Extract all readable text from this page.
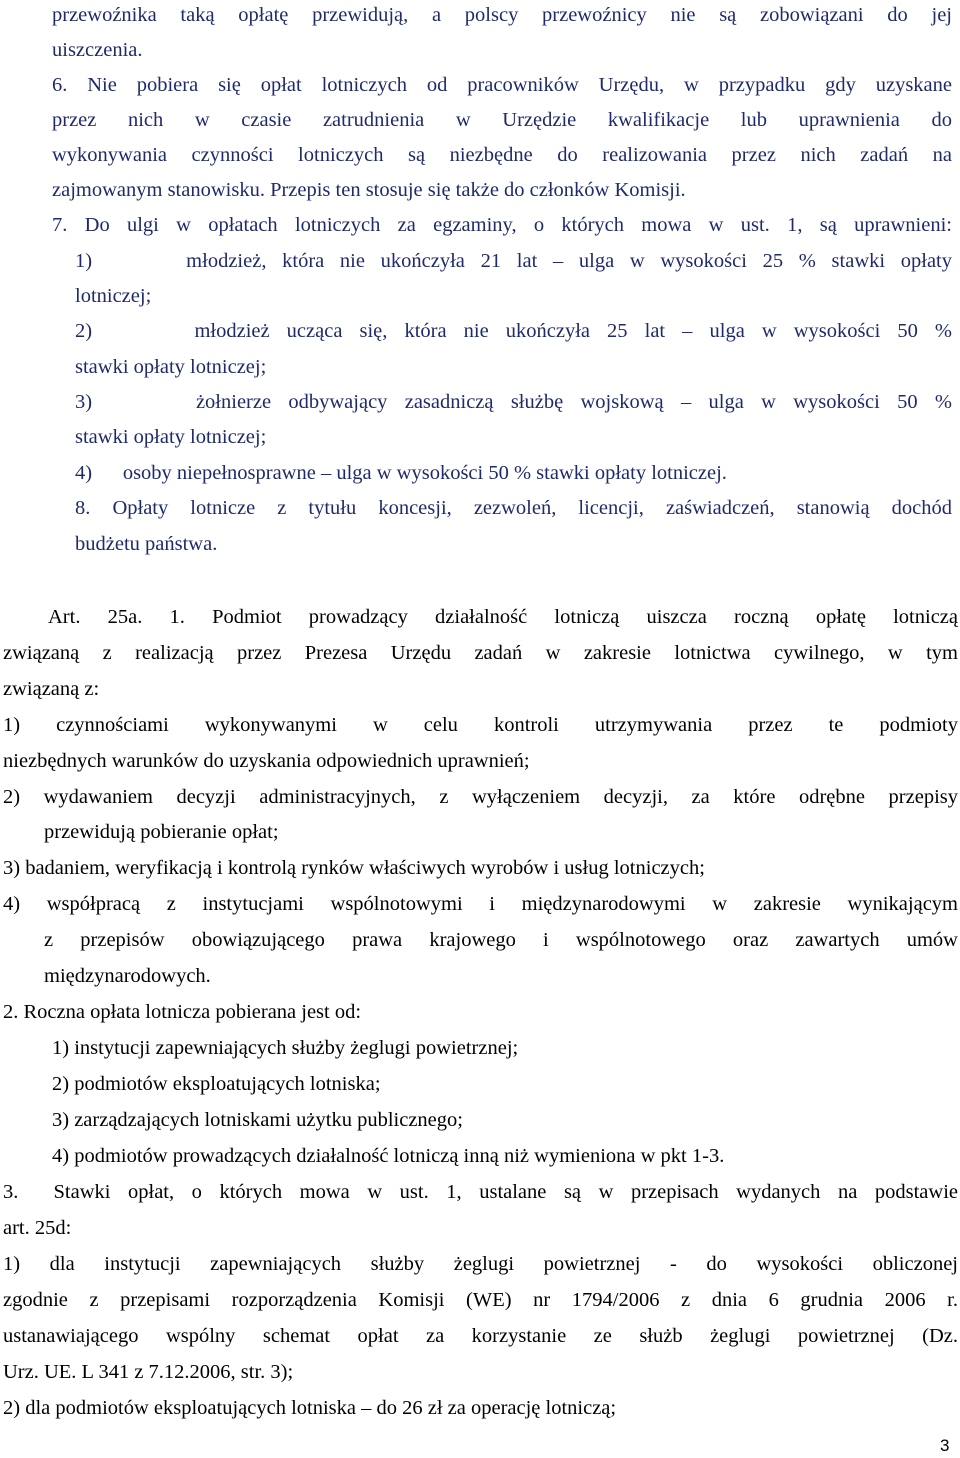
przewoźnika taką opłatę przewidują, a polscy przewoźnicy nie są zobowiązani do jej
uiszczenia.
6. Nie pobiera się opłat lotniczych od pracowników Urzędu, w przypadku gdy uzyskane
przez nich w czasie zatrudnienia w Urzędzie kwalifikacje lub uprawnienia do
wykonywania czynności lotniczych są niezbędne do realizowania przez nich zadań na
zajmowanym stanowisku. Przepis ten stosuje się także do członków Komisji.
7. Do ulgi w opłatach lotniczych za egzaminy, o których mowa w ust. 1, są uprawnieni:
1)      młodzież, która nie ukończyła 21 lat – ulga w wysokości 25 % stawki opłaty
lotniczej;
2)      młodzież ucząca się, która nie ukończyła 25 lat – ulga w wysokości 50 %
stawki opłaty lotniczej;
3)      żołnierze odbywający zasadniczą służbę wojskową – ulga w wysokości 50 %
stawki opłaty lotniczej;
4)      osoby niepełnosprawne – ulga w wysokości 50 % stawki opłaty lotniczej.
8. Opłaty lotnicze z tytułu koncesji, zezwoleń, licencji, zaświadczeń, stanowią dochód
budżetu państwa.
Art. 25a. 1. Podmiot prowadzący działalność lotniczą uiszcza roczną opłatę lotniczą
związaną z realizacją przez Prezesa Urzędu zadań w zakresie lotnictwa cywilnego, w tym
związaną z:
1) czynnościami wykonywanymi w celu kontroli utrzymywania przez te podmioty
niezbędnych warunków do uzyskania odpowiednich uprawnień;
2) wydawaniem decyzji administracyjnych, z wyłączeniem decyzji, za które odrębne przepisy
przewidują pobieranie opłat;
3) badaniem, weryfikacją i kontrolą rynków właściwych wyrobów i usług lotniczych;
4) współpracą z instytucjami wspólnotowymi i międzynarodowymi w zakresie wynikającym
z przepisów obowiązującego prawa krajowego i wspólnotowego oraz zawartych umów
międzynarodowych.
2. Roczna opłata lotnicza pobierana jest od:
1) instytucji zapewniających służby żeglugi powietrznej;
2) podmiotów eksploatujących lotniska;
3) zarządzających lotniskami użytku publicznego;
4) podmiotów prowadzących działalność lotniczą inną niż wymieniona w pkt 1-3.
3.  Stawki opłat, o których mowa w ust. 1, ustalane są w przepisach wydanych na podstawie
art. 25d:
1) dla instytucji zapewniających służby żeglugi powietrznej - do wysokości obliczonej
zgodnie z przepisami rozporządzenia Komisji (WE) nr 1794/2006 z dnia 6 grudnia 2006 r.
ustanawiającego wspólny schemat opłat za korzystanie ze służb żeglugi powietrznej (Dz.
Urz. UE. L 341 z 7.12.2006, str. 3);
2) dla podmiotów eksploatujących lotniska – do 26 zł za operację lotniczą;
3
